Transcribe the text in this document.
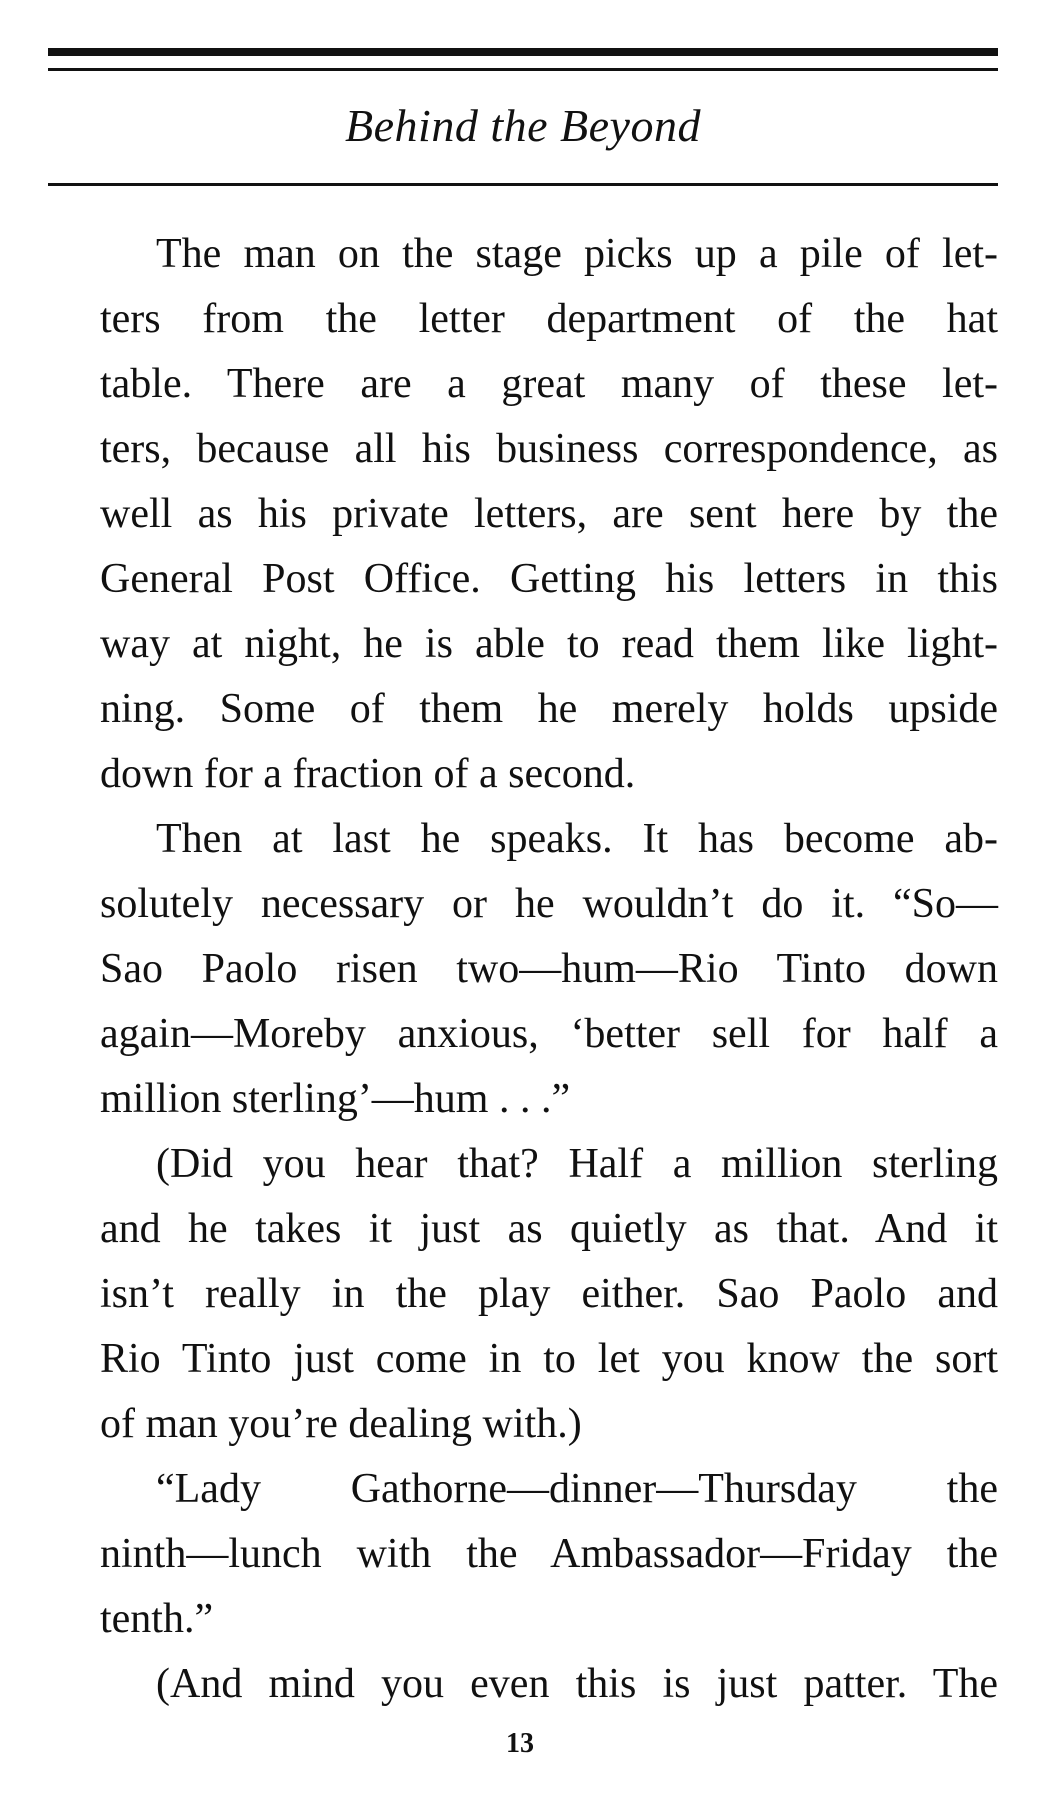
Behind the Beyond
The man on the stage picks up a pile of let-
ters from the letter department of the hat
table. There are a great many of these let-
ters, because all his business correspondence, as
well as his private letters, are sent here by the
General Post Office. Getting his letters in this
way at night, he is able to read them like light-
ning. Some of them he merely holds upside
down for a fraction of a second.
Then at last he speaks. It has become ab-
solutely necessary or he wouldn’t do it. “So—
Sao Paolo risen two—hum—Rio Tinto down
again—Moreby anxious, ‘better sell for half a
million sterling’—hum . . .”
(Did you hear that? Half a million sterling
and he takes it just as quietly as that. And it
isn’t really in the play either. Sao Paolo and
Rio Tinto just come in to let you know the sort
of man you’re dealing with.)
“Lady Gathorne—dinner—Thursday the
ninth—lunch with the Ambassador—Friday the
tenth.”
(And mind you even this is just patter. The
13
